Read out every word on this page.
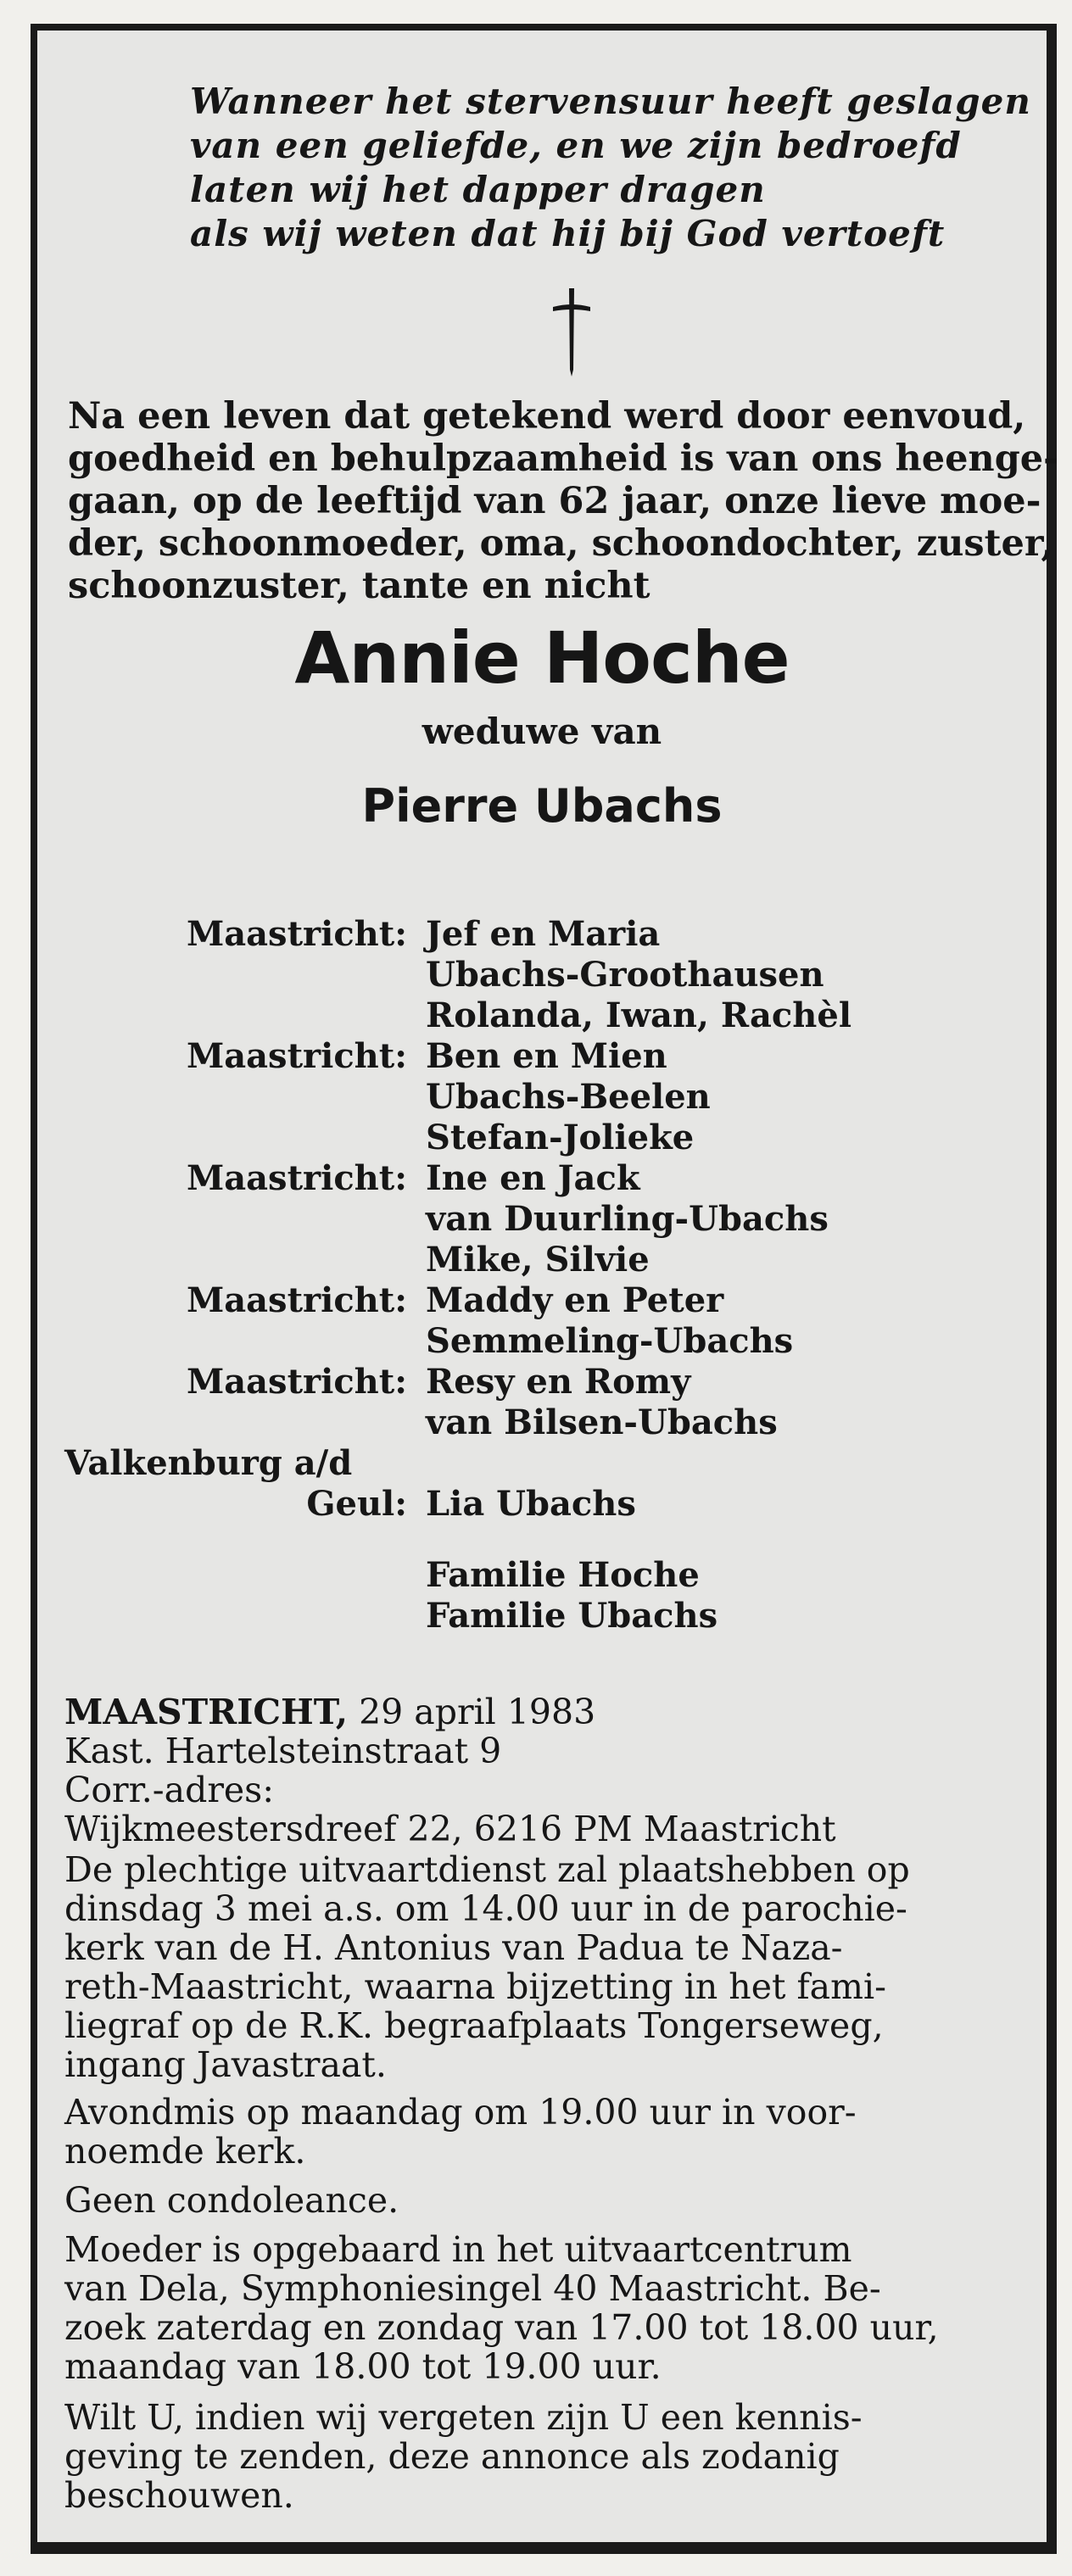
Wanneer het stervensuur heeft geslagen
van een geliefde, en we zijn bedroefd
laten wij het dapper dragen
als wij weten dat hij bij God vertoeft
Na een leven dat getekend werd door eenvoud,
goedheid en behulpzaamheid is van ons heenge-
gaan, op de leeftijd van 62 jaar, onze lieve moe-
der, schoonmoeder, oma, schoondochter, zuster,
schoonzuster, tante en nicht
Annie Hoche
weduwe van
Pierre Ubachs
Maastricht: Jef en Maria
Ubachs-Groothausen
Rolanda, Iwan, Rachèl
Maastricht: Ben en Mien
Ubachs-Beelen
Stefan-Jolieke
Maastricht: Ine en Jack
van Duurling-Ubachs
Mike, Silvie
Maastricht: Maddy en Peter
Semmeling-Ubachs
Maastricht: Resy en Romy
van Bilsen-Ubachs
Valkenburg a/d
Geul: Lia Ubachs
Familie Hoche
Familie Ubachs
MAASTRICHT, 29 april 1983
Kast. Hartelsteinstraat 9
Corr.-adres:
Wijkmeestersdreef 22, 6216 PM Maastricht
De plechtige uitvaartdienst zal plaatshebben op
dinsdag 3 mei a.s. om 14.00 uur in de parochie-
kerk van de H. Antonius van Padua te Naza-
reth-Maastricht, waarna bijzetting in het fami-
liegraf op de R.K. begraafplaats Tongerseweg,
ingang Javastraat.
Avondmis op maandag om 19.00 uur in voor-
noemde kerk.
Geen condoleance.
Moeder is opgebaard in het uitvaartcentrum
van Dela, Symphoniesingel 40 Maastricht. Be-
zoek zaterdag en zondag van 17.00 tot 18.00 uur,
maandag van 18.00 tot 19.00 uur.
Wilt U, indien wij vergeten zijn U een kennis-
geving te zenden, deze annonce als zodanig
beschouwen.
